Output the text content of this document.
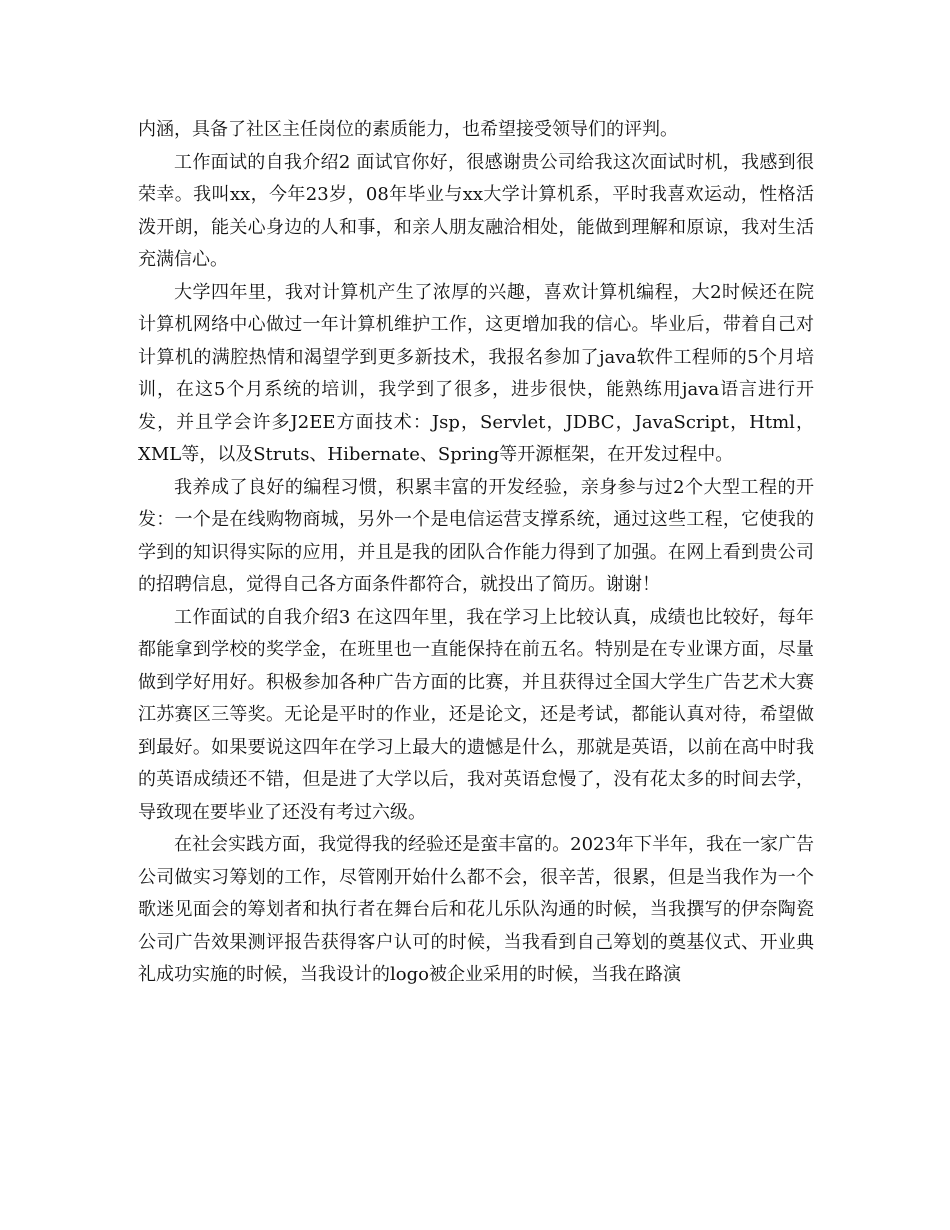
内涵，具备了社区主任岗位的素质能力，也希望接受领导们的评判。

工作面试的自我介绍2 面试官你好，很感谢贵公司给我这次面试时机，我感到很荣幸。我叫xx，今年23岁，08年毕业与xx大学计算机系，平时我喜欢运动，性格活泼开朗，能关心身边的人和事，和亲人朋友融洽相处，能做到理解和原谅，我对生活充满信心。

大学四年里，我对计算机产生了浓厚的兴趣，喜欢计算机编程，大2时候还在院计算机网络中心做过一年计算机维护工作，这更增加我的信心。毕业后，带着自己对计算机的满腔热情和渴望学到更多新技术，我报名参加了java软件工程师的5个月培训，在这5个月系统的培训，我学到了很多，进步很快，能熟练用java语言进行开发，并且学会许多J2EE方面技术：Jsp，Servlet，JDBC，JavaScript，Html，XML等，以及Struts、Hibernate、Spring等开源框架，在开发过程中。

我养成了良好的编程习惯，积累丰富的开发经验，亲身参与过2个大型工程的开发：一个是在线购物商城，另外一个是电信运营支撑系统，通过这些工程，它使我的学到的知识得实际的应用，并且是我的团队合作能力得到了加强。在网上看到贵公司的招聘信息，觉得自己各方面条件都符合，就投出了简历。谢谢！

工作面试的自我介绍3 在这四年里，我在学习上比较认真，成绩也比较好，每年都能拿到学校的奖学金，在班里也一直能保持在前五名。特别是在专业课方面，尽量做到学好用好。积极参加各种广告方面的比赛，并且获得过全国大学生广告艺术大赛江苏赛区三等奖。无论是平时的作业，还是论文，还是考试，都能认真对待，希望做到最好。如果要说这四年在学习上最大的遗憾是什么，那就是英语，以前在高中时我的英语成绩还不错，但是进了大学以后，我对英语怠慢了，没有花太多的时间去学，导致现在要毕业了还没有考过六级。

在社会实践方面，我觉得我的经验还是蛮丰富的。2023年下半年，我在一家广告公司做实习筹划的工作，尽管刚开始什么都不会，很辛苦，很累，但是当我作为一个歌迷见面会的筹划者和执行者在舞台后和花儿乐队沟通的时候，当我撰写的伊奈陶瓷公司广告效果测评报告获得客户认可的时候，当我看到自己筹划的奠基仪式、开业典礼成功实施的时候，当我设计的logo被企业采用的时候，当我在路演
